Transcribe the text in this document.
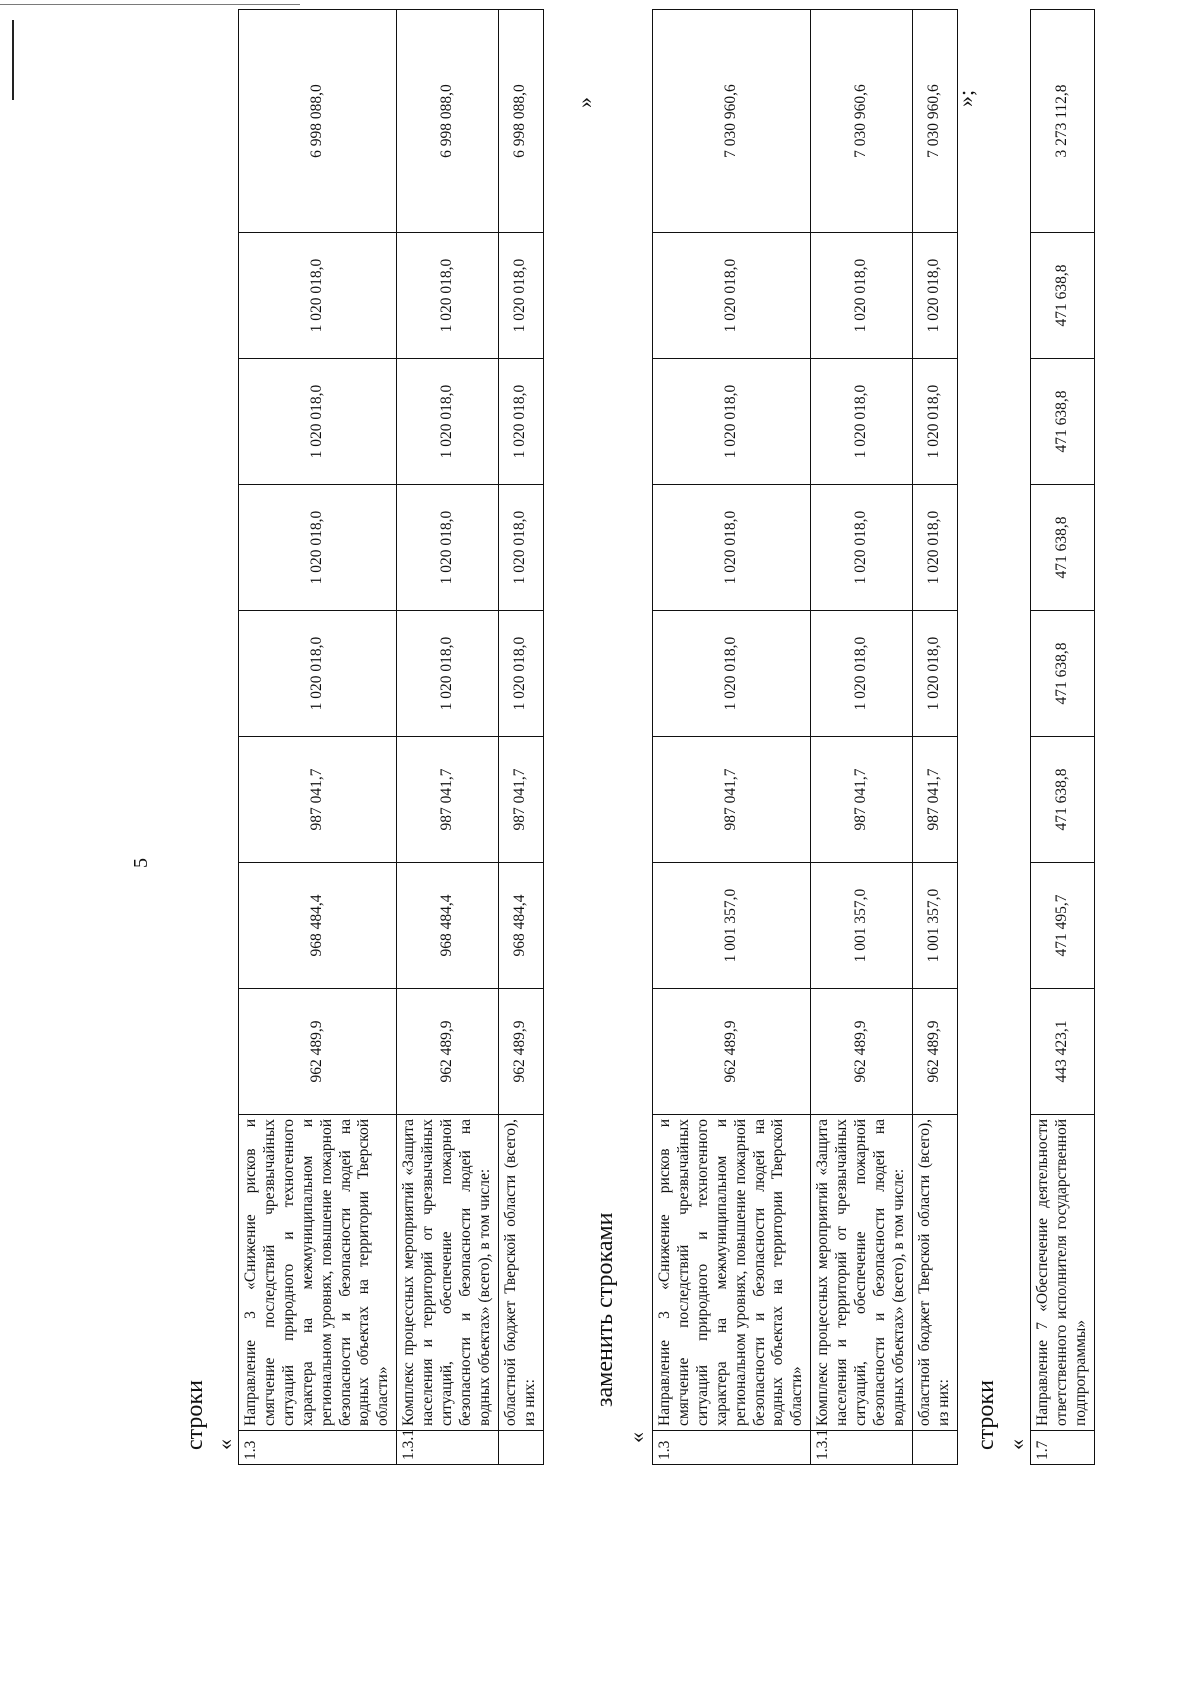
5
строки « 1.3	Направление 3 «Снижение рисков и смягчение последствий чрезвычайных ситуаций природного и техногенного характера на межмуниципальном и региональном уровнях, повышение пожарной безопасности и безопасности людей на водных объектах на территории Тверской области»	962 489,9	968 484,4	987 041,7	1 020 018,0	1 020 018,0	1 020 018,0	1 020 018,0	6 998 088,0
1.3.1	Комплекс процессных мероприятий «Защита населения и территорий от чрезвычайных ситуаций, обеспечение пожарной безопасности и безопасности людей на водных объектах» (всего), в том числе:	962 489,9	968 484,4	987 041,7	1 020 018,0	1 020 018,0	1 020 018,0	1 020 018,0	6 998 088,0
	областной бюджет Тверской области (всего), из них:	962 489,9	968 484,4	987 041,7	1 020 018,0	1 020 018,0	1 020 018,0	1 020 018,0	6 998 088,0 »
заменить строками
«
1.3	Направление 3 «Снижение рисков и смягчение последствий чрезвычайных ситуаций природного и техногенного характера на межмуниципальном и региональном уровнях, повышение пожарной безопасности и безопасности людей на водных объектах на территории Тверской области»	962 489,9	1 001 357,0	987 041,7	1 020 018,0	1 020 018,0	1 020 018,0	1 020 018,0	7 030 960,6
1.3.1	Комплекс процессных мероприятий «Защита населения и территорий от чрезвычайных ситуаций, обеспечение пожарной безопасности и безопасности людей на водных объектах» (всего), в том числе:	962 489,9	1 001 357,0	987 041,7	1 020 018,0	1 020 018,0	1 020 018,0	1 020 018,0	7 030 960,6
	областной бюджет Тверской области (всего), из них:	962 489,9	1 001 357,0	987 041,7	1 020 018,0	1 020 018,0	1 020 018,0	1 020 018,0	7 030 960,6 »;
строки « 1.7	Направление 7 «Обеспечение деятельности ответственного исполнителя государственной подпрограммы»	443 423,1	471 495,7	471 638,8	471 638,8	471 638,8	471 638,8	471 638,8	3 273 112,8
